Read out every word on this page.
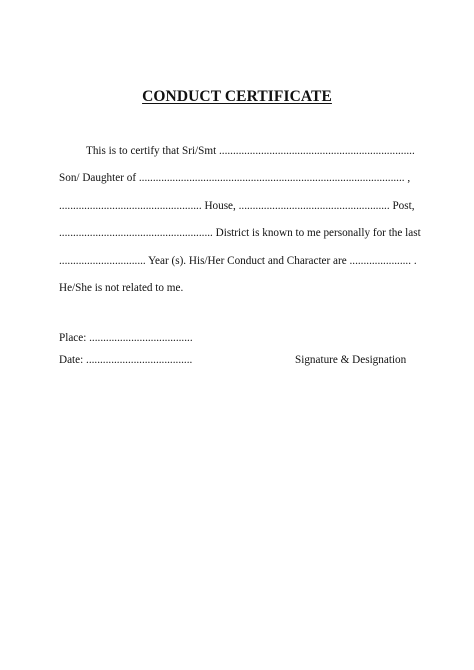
CONDUCT CERTIFICATE
This is to certify that Sri/Smt ......................................................................
Son/ Daughter of ............................................................................................... ,
................................................... House, ...................................................... Post,
....................................................... District is known to me personally for the last
............................... Year (s). His/Her Conduct and Character are ...................... .
He/She is not related to me.
Place: .....................................
Date: ......................................	Signature & Designation
